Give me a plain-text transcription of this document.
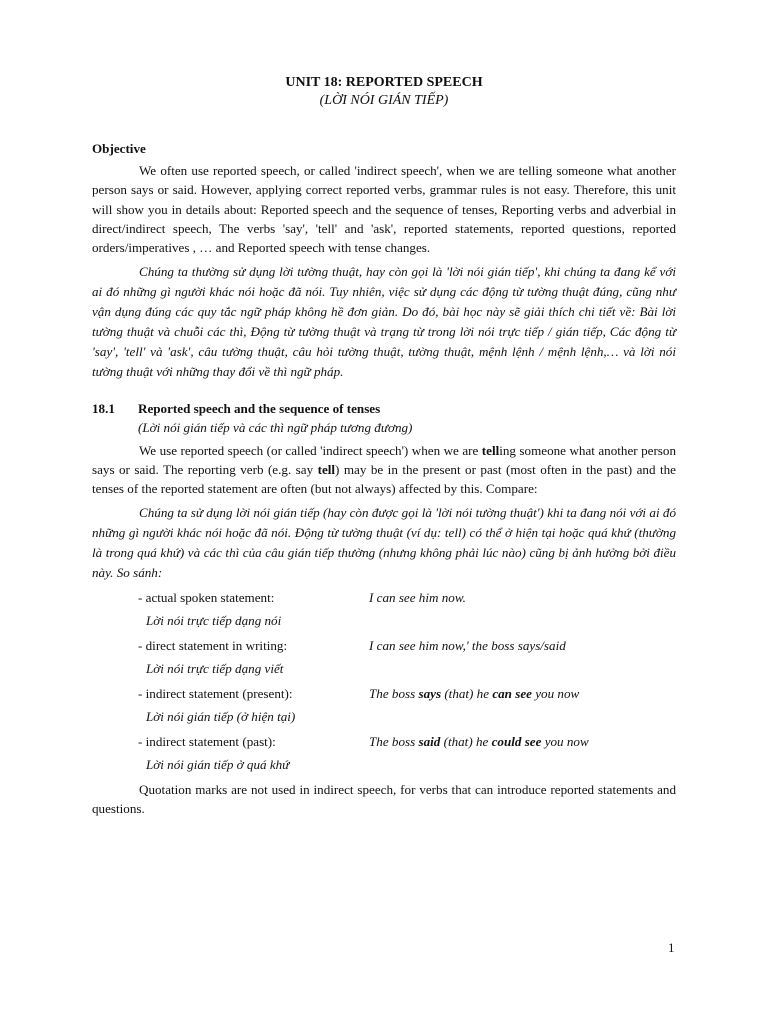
UNIT 18: REPORTED SPEECH
(LỜI NÓI GIÁN TIẾP)
Objective

We often use reported speech, or called 'indirect speech', when we are telling someone what another person says or said. However, applying correct reported verbs, grammar rules is not easy. Therefore, this unit will show you in details about: Reported speech and the sequence of tenses, Reporting verbs and adverbial in direct/indirect speech, The verbs 'say', 'tell' and 'ask', reported statements, reported questions, reported orders/imperatives , … and Reported speech with tense changes.

Chúng ta thường sử dụng lời tường thuật, hay còn gọi là 'lời nói gián tiếp', khi chúng ta đang kể với ai đó những gì người khác nói hoặc đã nói. Tuy nhiên, việc sử dụng các động từ tường thuật đúng, cũng như vận dụng đúng các quy tắc ngữ pháp không hề đơn giản. Do đó, bài học này sẽ giải thích chi tiết về: Bài lời tường thuật và chuỗi các thì, Động từ tường thuật và trạng từ trong lời nói trực tiếp / gián tiếp, Các động từ 'say', 'tell' và 'ask', câu tường thuật, câu hỏi tường thuật, tường thuật, mệnh lệnh / mệnh lệnh,… và lời nói tường thuật với những thay đổi về thì ngữ pháp.

18.1	Reported speech and the sequence of tenses
(Lời nói gián tiếp và các thì ngữ pháp tương đương)

We use reported speech (or called 'indirect speech') when we are telling someone what another person says or said. The reporting verb (e.g. say tell) may be in the present or past (most often in the past) and the tenses of the reported statement are often (but not always) affected by this. Compare:

Chúng ta sử dụng lời nói gián tiếp (hay còn được gọi là 'lời nói tường thuật') khi ta đang nói với ai đó những gì người khác nói hoặc đã nói. Động từ tường thuật (ví dụ: tell) có thể ở hiện tại hoặc quá khứ (thường là trong quá khứ) và các thì của câu gián tiếp thường (nhưng không phải lúc nào) cũng bị ảnh hưởng bởi điều này. So sánh:

- actual spoken statement:	I can see him now.
Lời nói trực tiếp dạng nói
- direct statement in writing:	I can see him now,' the boss says/said
Lời nói trực tiếp dạng viết
- indirect statement (present):	The boss says (that) he can see you now
Lời nói gián tiếp (ở hiện tại)
- indirect statement (past):	The boss said (that) he could see you now
Lời nói gián tiếp ở quá khứ

Quotation marks are not used in indirect speech, for verbs that can introduce reported statements and questions.

1
